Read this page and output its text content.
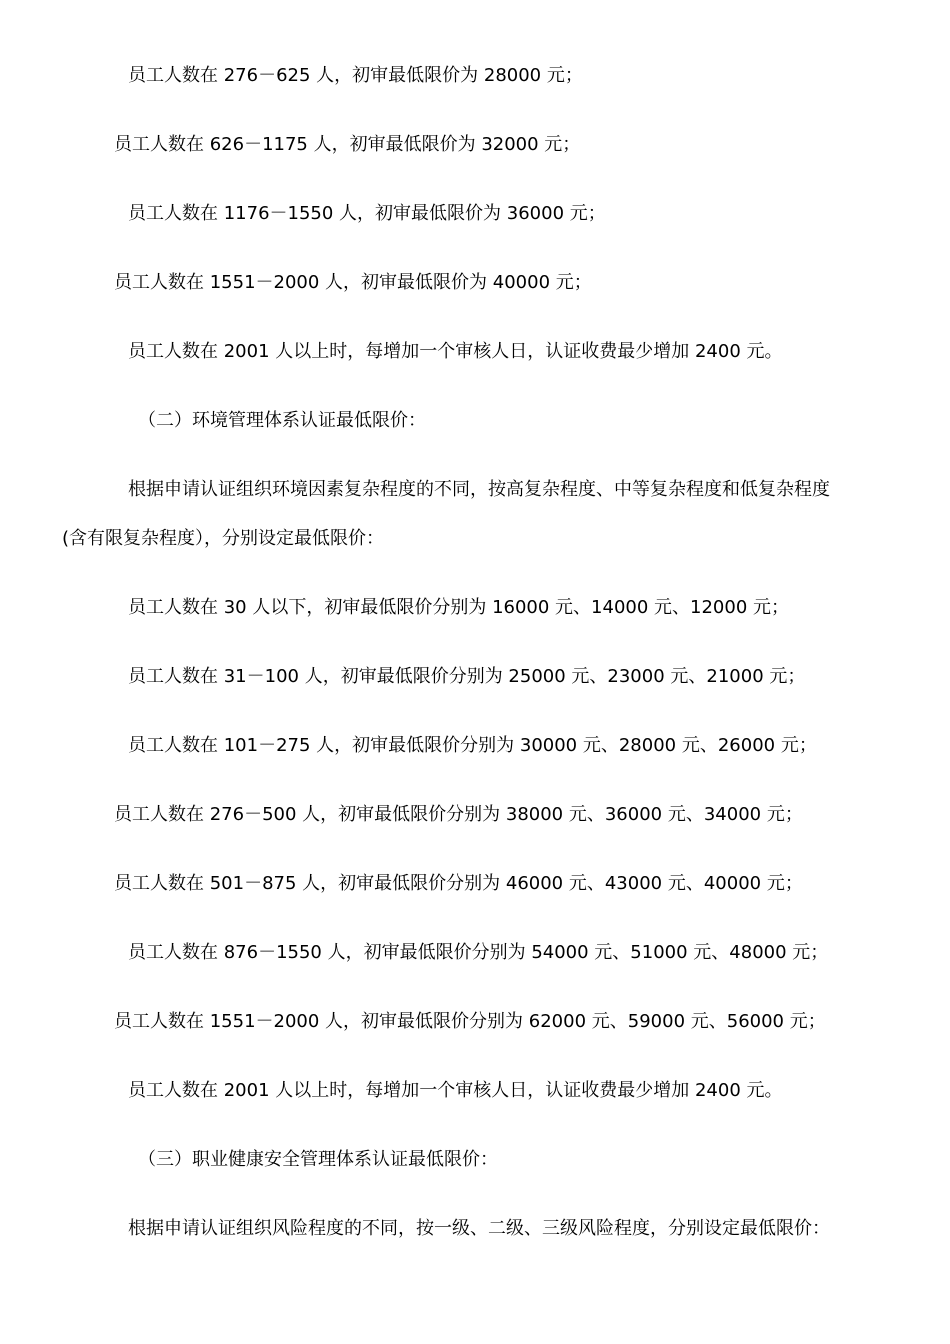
员工人数在 276－625 人，初审最低限价为 28000 元；
员工人数在 626－1175 人，初审最低限价为 32000 元；
员工人数在 1176－1550 人，初审最低限价为 36000 元；
员工人数在 1551－2000 人，初审最低限价为 40000 元；
员工人数在 2001 人以上时，每增加一个审核人日，认证收费最少增加 2400 元。
（二）环境管理体系认证最低限价：
根据申请认证组织环境因素复杂程度的不同，按高复杂程度、中等复杂程度和低复杂程度
(含有限复杂程度），分别设定最低限价：
员工人数在 30 人以下，初审最低限价分别为 16000 元、14000 元、12000 元；
员工人数在 31－100 人，初审最低限价分别为 25000 元、23000 元、21000 元；
员工人数在 101－275 人，初审最低限价分别为 30000 元、28000 元、26000 元；
员工人数在 276－500 人，初审最低限价分别为 38000 元、36000 元、34000 元；
员工人数在 501－875 人，初审最低限价分别为 46000 元、43000 元、40000 元；
员工人数在 876－1550 人，初审最低限价分别为 54000 元、51000 元、48000 元；
员工人数在 1551－2000 人，初审最低限价分别为 62000 元、59000 元、56000 元；
员工人数在 2001 人以上时，每增加一个审核人日，认证收费最少增加 2400 元。
（三）职业健康安全管理体系认证最低限价：
根据申请认证组织风险程度的不同，按一级、二级、三级风险程度，分别设定最低限价：
